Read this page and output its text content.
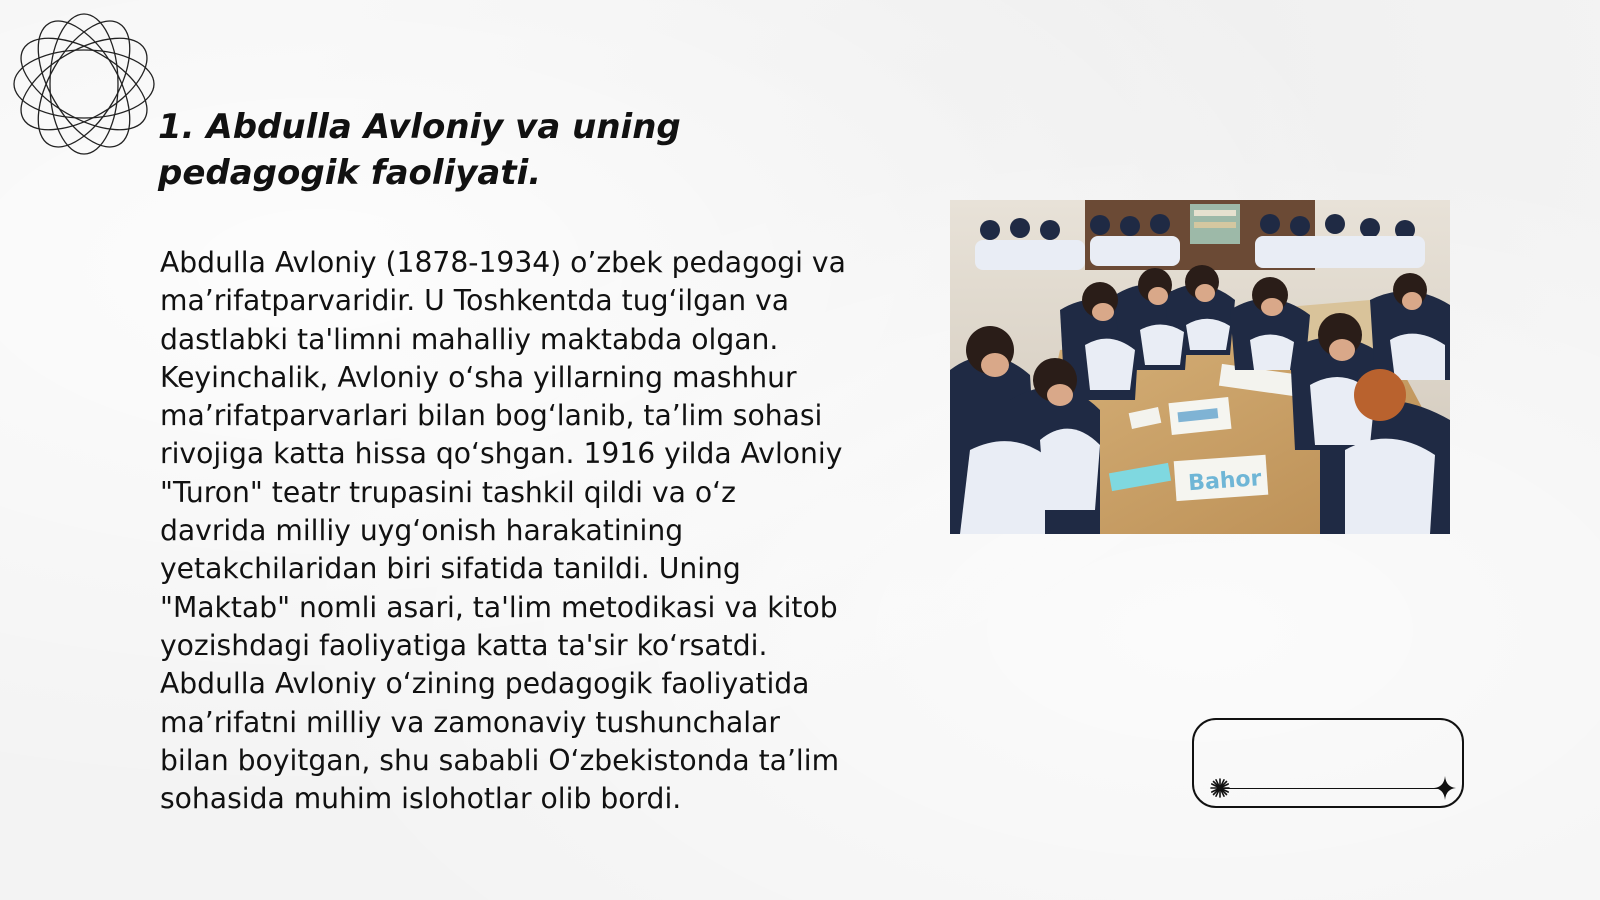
1. Abdulla Avloniy va uning pedagogik faoliyati.

Abdulla Avloniy (1878-1934) o’zbek pedagogi va ma’rifatparvaridir. U Toshkentda tug‘ilgan va dastlabki ta'limni mahalliy maktabda olgan. Keyinchalik, Avloniy o‘sha yillarning mashhur ma’rifatparvarlari bilan bog‘lanib, ta’lim sohasi rivojiga katta hissa qo‘shgan. 1916 yilda Avloniy "Turon" teatr trupasini tashkil qildi va o‘z davrida milliy uyg‘onish harakatining yetakchilaridan biri sifatida tanildi. Uning "Maktab" nomli asari, ta'lim metodikasi va kitob yozishdagi faoliyatiga katta ta'sir ko‘rsatdi. Abdulla Avloniy o‘zining pedagogik faoliyatida ma’rifatni milliy va zamonaviy tushunchalar bilan boyitgan, shu sababli O‘zbekistonda ta’lim sohasida muhim islohotlar olib bordi.

Bahor
